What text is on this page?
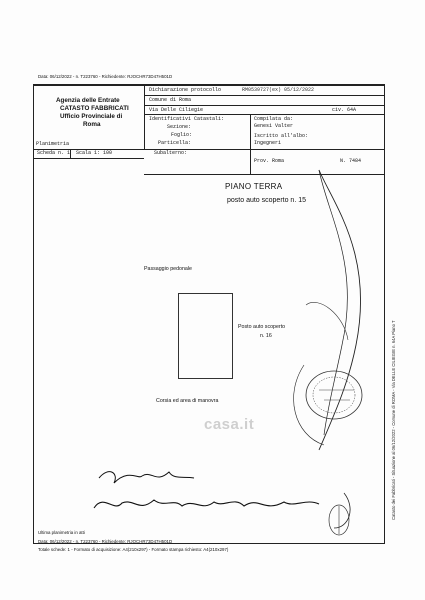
Data: 06/12/2022 - n. T223760 - Richiedente: RJOCHR73D47H501D
Agenzia delle Entrate
CATASTO FABBRICATI
Ufficio Provinciale di
Roma
Dichiarazione protocollo	RM0539727(ex) 05/12/2022
Comune di Roma
Via Delle Ciliegie	civ. 64A
Identificativi Catastali:
Sezione:
Foglio:
Particella:
Subalterno:
Compilata da:
Genesi Valter
Iscritto all'albo:
Ingegneri
Prov. Roma	N. 7484
Planimetria
Scheda n. 1 Scala 1: 100
PIANO TERRA
posto auto scoperto n. 15
Passaggio pedonale
Posto auto scoperto
n. 16
Corsia ed area di manovra
casa.it	Catasto dei Fabbricati - Situazione al 06/12/2022 - Comune di ROMA - Via DELLE CILIEGIE n. 64A Piano T
Ultima planimetria in atti
Data: 06/12/2022 - n. T223760 - Richiedente: RJOCHR73D47H501D
Totale schede: 1 - Formato di acquisizione: A4(210x297) - Formato stampa richiesto: A4(210x297)
